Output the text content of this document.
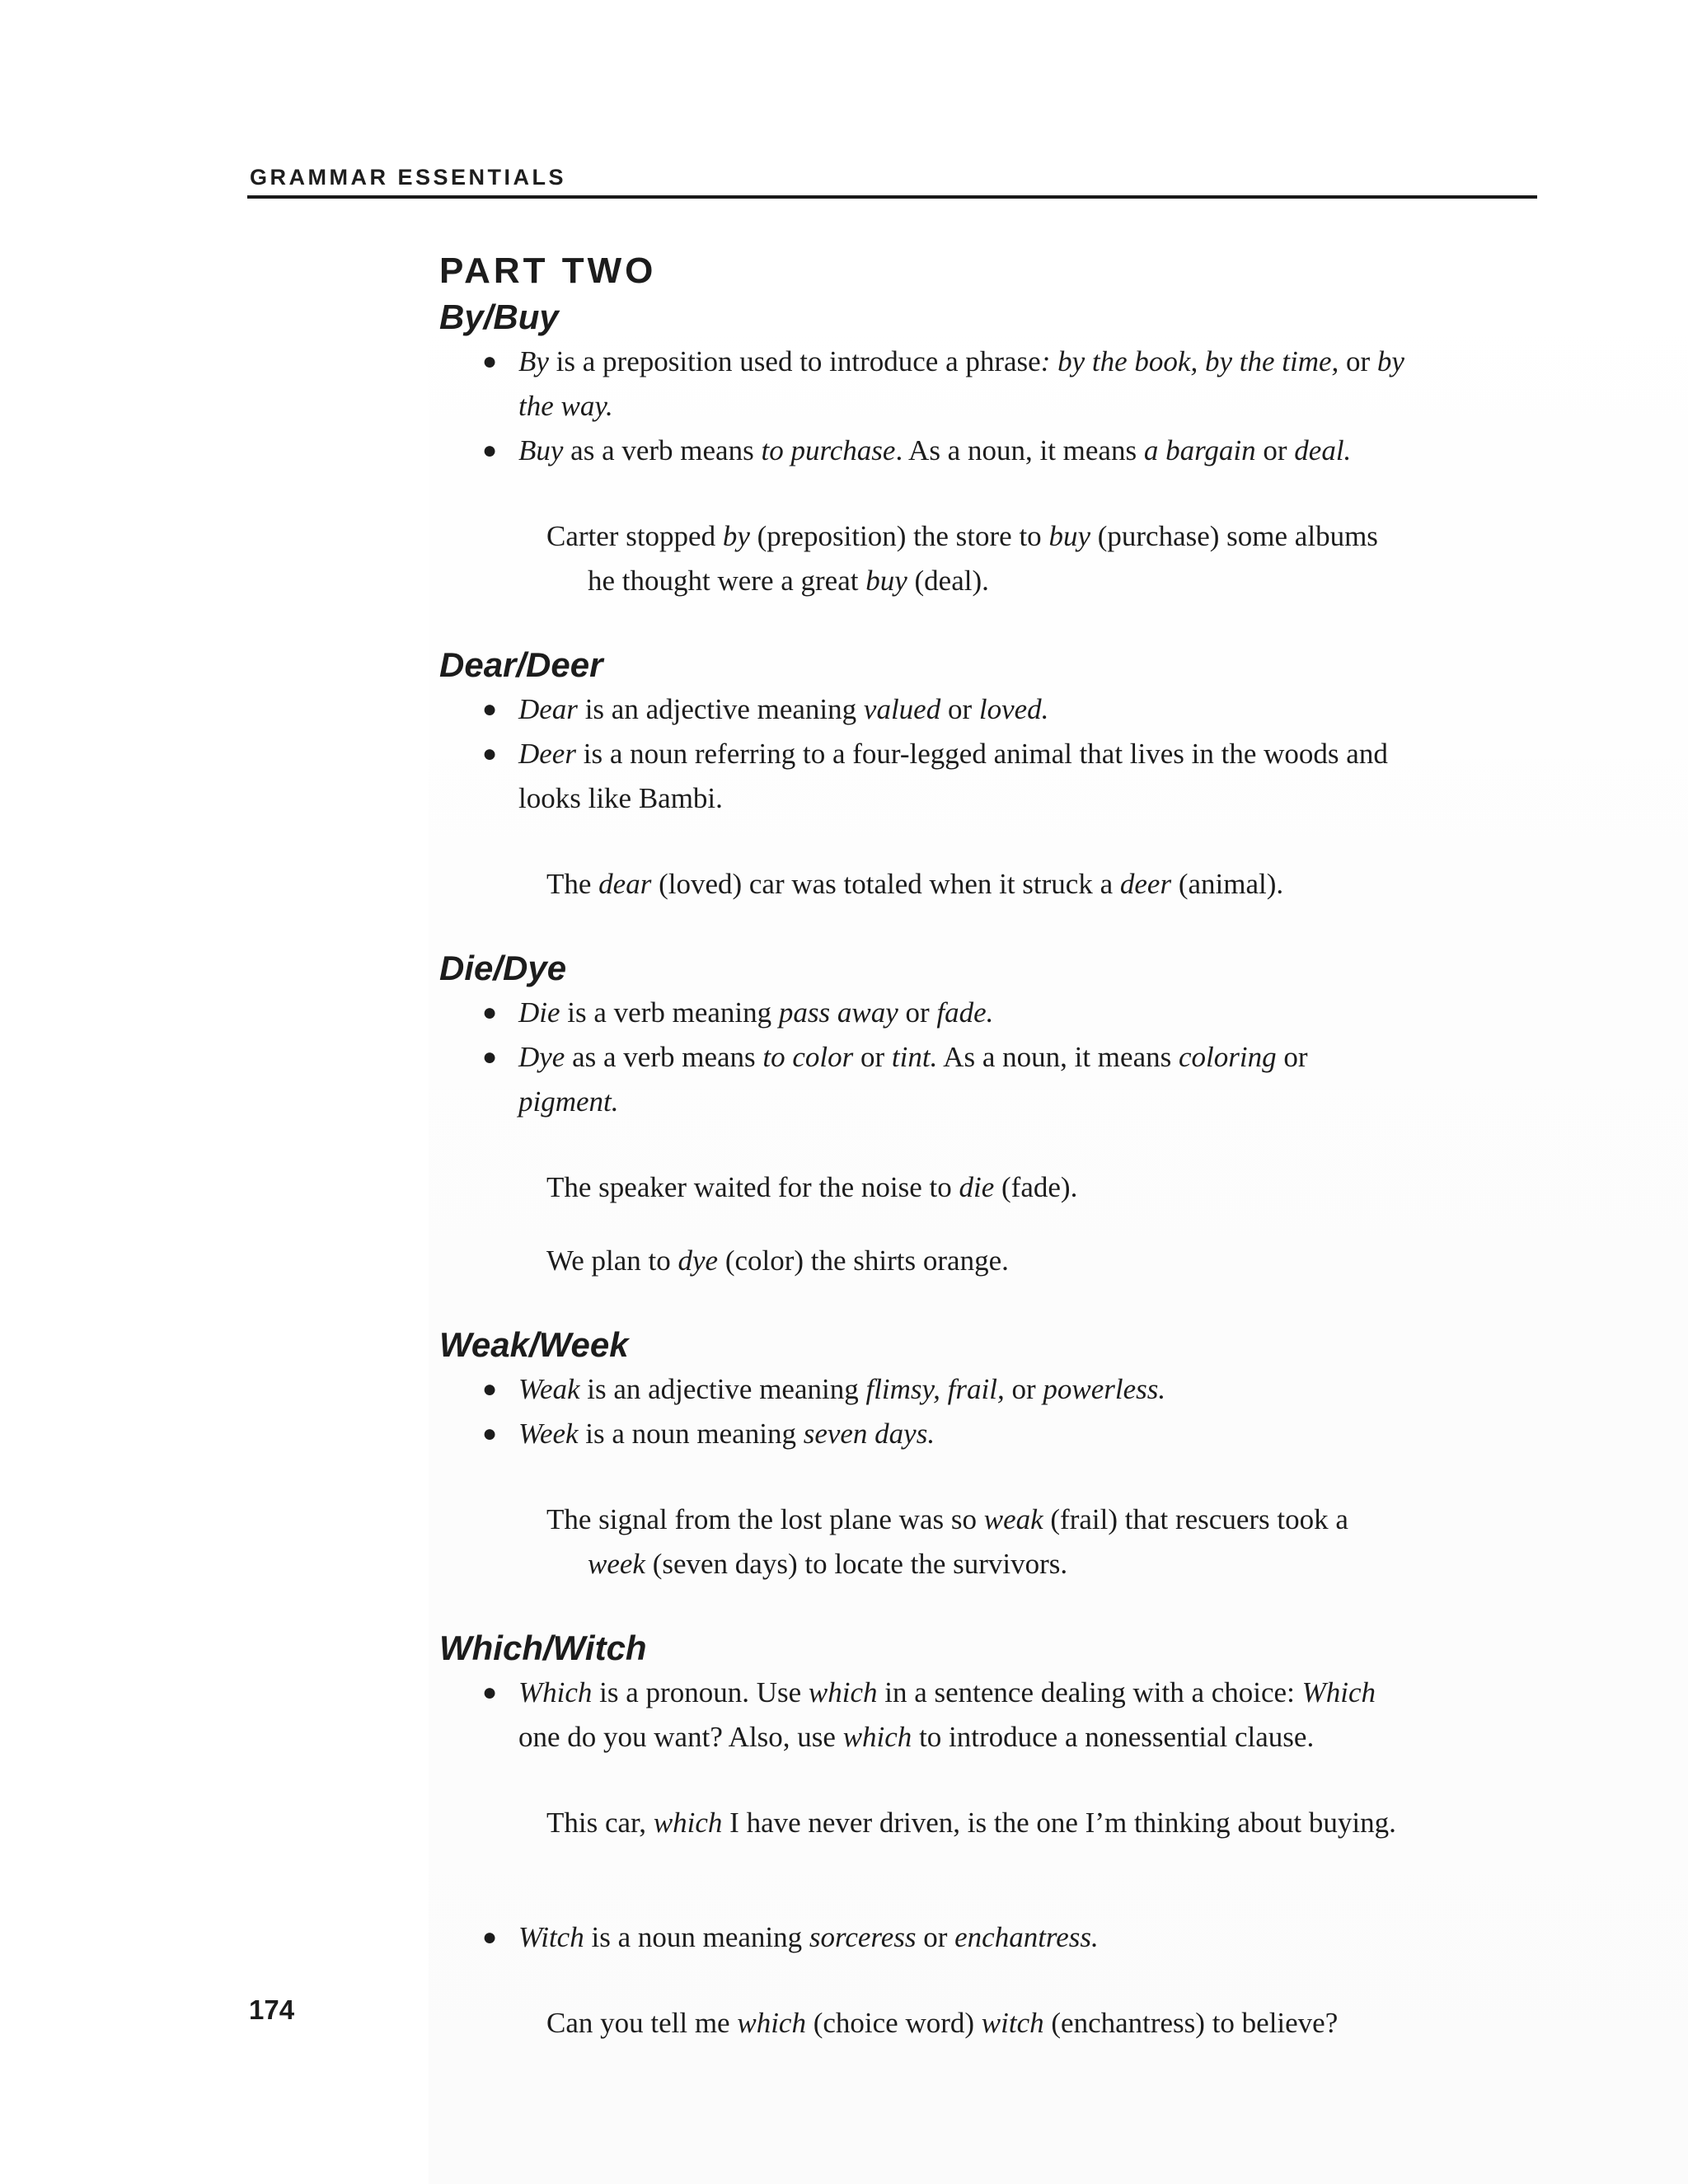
GRAMMAR ESSENTIALS
PART TWO
By/Buy
● By is a preposition used to introduce a phrase: by the book, by the time, or by the way.
● Buy as a verb means to purchase. As a noun, it means a bargain or deal.

Carter stopped by (preposition) the store to buy (purchase) some albums he thought were a great buy (deal).

Dear/Deer
● Dear is an adjective meaning valued or loved.
● Deer is a noun referring to a four-legged animal that lives in the woods and looks like Bambi.

The dear (loved) car was totaled when it struck a deer (animal).

Die/Dye
● Die is a verb meaning pass away or fade.
● Dye as a verb means to color or tint. As a noun, it means coloring or pigment.

The speaker waited for the noise to die (fade).

We plan to dye (color) the shirts orange.

Weak/Week
● Weak is an adjective meaning flimsy, frail, or powerless.
● Week is a noun meaning seven days.

The signal from the lost plane was so weak (frail) that rescuers took a week (seven days) to locate the survivors.

Which/Witch
● Which is a pronoun. Use which in a sentence dealing with a choice: Which one do you want? Also, use which to introduce a nonessential clause.

This car, which I have never driven, is the one I’m thinking about buying.

● Witch is a noun meaning sorceress or enchantress.

Can you tell me which (choice word) witch (enchantress) to believe?

174
